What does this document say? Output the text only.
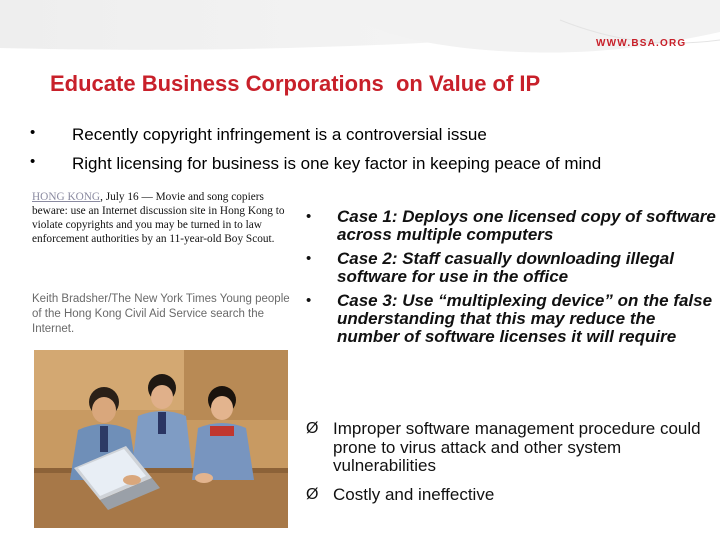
WWW.BSA.ORG
Educate Business Corporations  on Value of IP
• Recently copyright infringement is a controversial issue
• Right licensing for business is one key factor in keeping peace of mind
HONG KONG, July 16 — Movie and song copiers beware: use an Internet discussion site in Hong Kong to violate copyrights and you may be turned in to law enforcement authorities by an 11-year-old Boy Scout.
Keith Bradsher/The New York Times Young people of the Hong Kong Civil Aid Service search the Internet.
• Case 1: Deploys one licensed copy of software across multiple computers
• Case 2: Staff casually downloading illegal software for use in the office
• Case 3: Use “multiplexing device” on the false understanding that this may reduce the number of software licenses it will require
Ø Improper software management procedure could prone to virus attack and other system vulnerabilities
Ø Costly and ineffective
